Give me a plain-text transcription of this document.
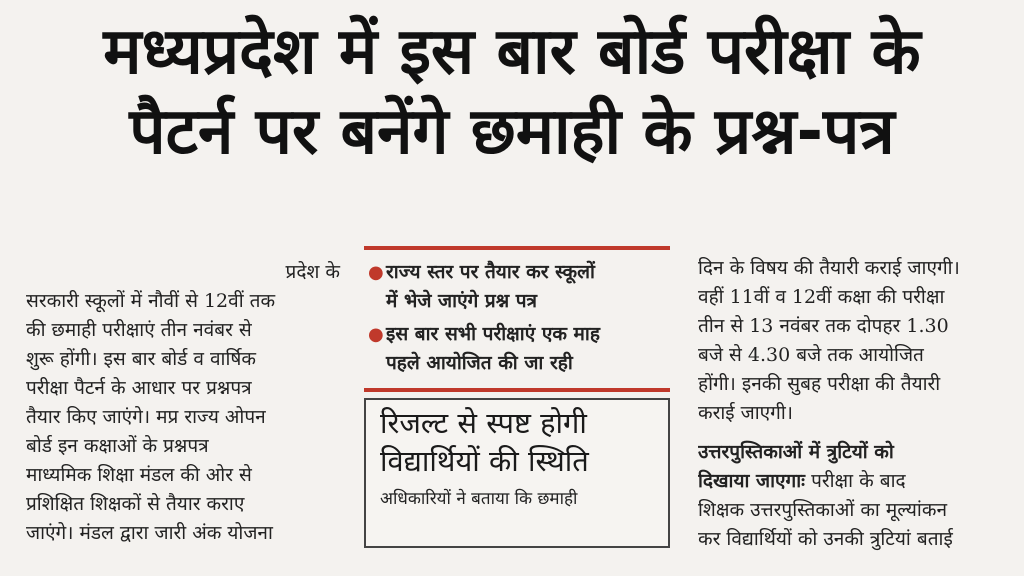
मध्यप्रदेश में इस बार बोर्ड परीक्षा के
पैटर्न पर बनेंगे छमाही के प्रश्न-पत्र
प्रदेश के
सरकारी स्कूलों में नौवीं से 12वीं तक
की छमाही परीक्षाएं तीन नवंबर से
शुरू होंगी। इस बार बोर्ड व वार्षिक
परीक्षा पैटर्न के आधार पर प्रश्नपत्र
तैयार किए जाएंगे। मप्र राज्य ओपन
बोर्ड इन कक्षाओं के प्रश्नपत्र
माध्यमिक शिक्षा मंडल की ओर से
प्रशिक्षित शिक्षकों से तैयार कराए
जाएंगे। मंडल द्वारा जारी अंक योजना
● राज्य स्तर पर तैयार कर स्कूलों
में भेजे जाएंगे प्रश्न पत्र
● इस बार सभी परीक्षाएं एक माह
पहले आयोजित की जा रही
रिजल्ट से स्पष्ट होगी
विद्यार्थियों की स्थिति
अधिकारियों ने बताया कि छमाही
दिन के विषय की तैयारी कराई जाएगी।
वहीं 11वीं व 12वीं कक्षा की परीक्षा
तीन से 13 नवंबर तक दोपहर 1.30
बजे से 4.30 बजे तक आयोजित
होंगी। इनकी सुबह परीक्षा की तैयारी
कराई जाएगी।
उत्तरपुस्तिकाओं में त्रुटियों को
दिखाया जाएगाः परीक्षा के बाद
शिक्षक उत्तरपुस्तिकाओं का मूल्यांकन
कर विद्यार्थियों को उनकी त्रुटियां बताई
